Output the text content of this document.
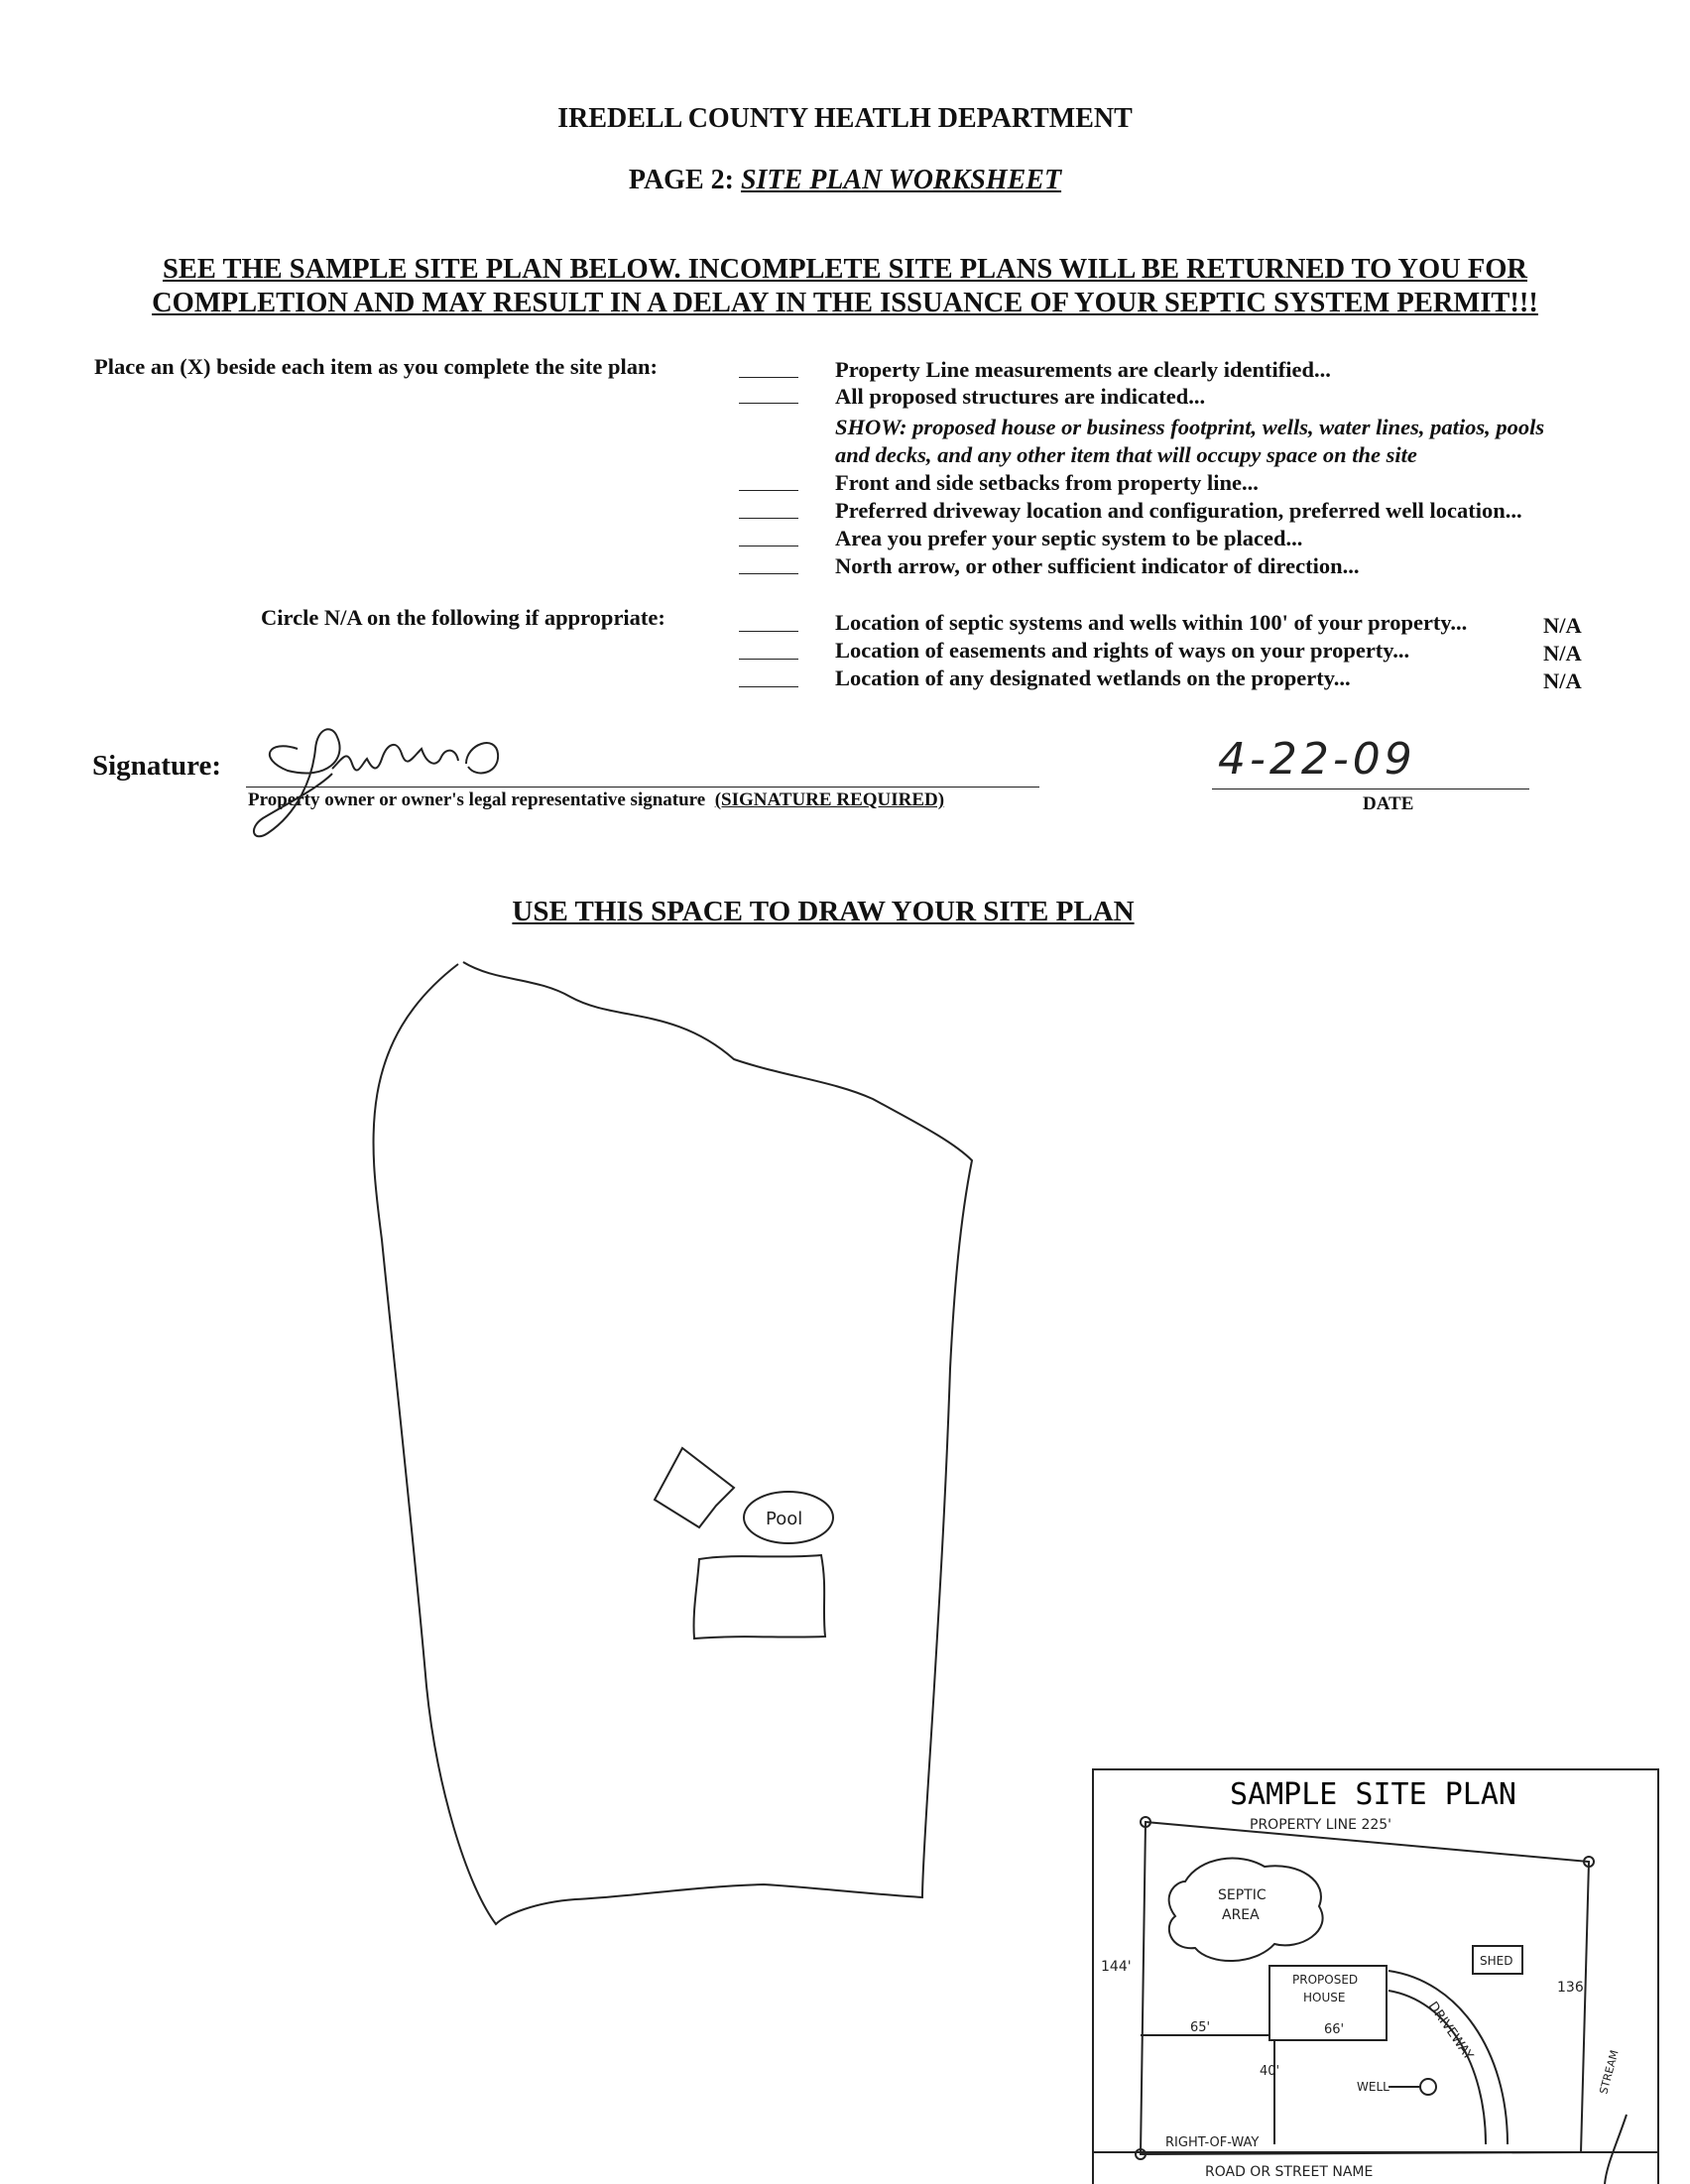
IREDELL COUNTY HEATLH DEPARTMENT
PAGE 2: SITE PLAN WORKSHEET
SEE THE SAMPLE SITE PLAN BELOW. INCOMPLETE SITE PLANS WILL BE RETURNED TO YOU FOR
COMPLETION AND MAY RESULT IN A DELAY IN THE ISSUANCE OF YOUR SEPTIC SYSTEM PERMIT!!!
Place an (X) beside each item as you complete the site plan:	Property Line measurements are clearly identified...
All proposed structures are indicated...
SHOW: proposed house or business footprint, wells, water lines, patios, pools
and decks, and any other item that will occupy space on the site
Front and side setbacks from property line...
Preferred driveway location and configuration, preferred well location...
Area you prefer your septic system to be placed...
North arrow, or other sufficient indicator of direction...
Circle N/A on the following if appropriate:	Location of septic systems and wells within 100' of your property...
Location of easements and rights of ways on your property...
Location of any designated wetlands on the property...
N/A
N/A
N/A
Signature:
Property owner or owner's legal representative signature (SIGNATURE REQUIRED)
4-22-09
DATE
USE THIS SPACE TO DRAW YOUR SITE PLAN
Pool
SAMPLE SITE PLAN
PROPERTY LINE 225'
SEPTIC
AREA
SHED
144'
136'
65'	66'
40'
PROPOSED
HOUSE
DRIVEWAY
WELL
RIGHT-OF-WAY
ROAD OR STREET NAME
STREAM
